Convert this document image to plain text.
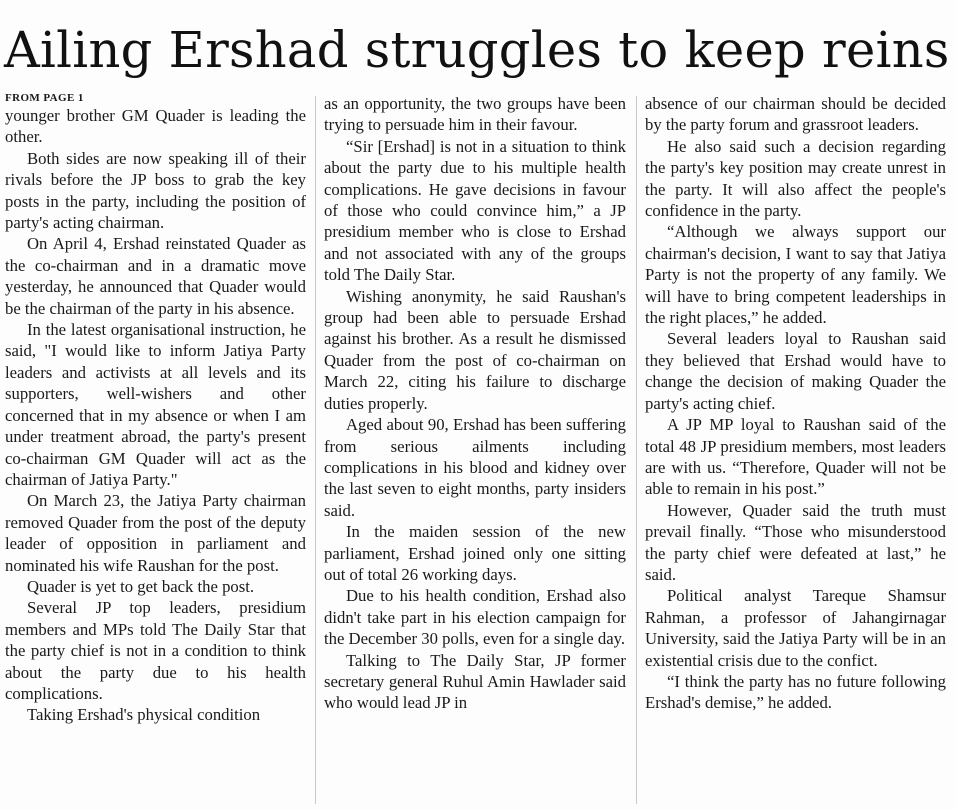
Ailing Ershad struggles to keep reins
FROM PAGE 1

younger brother GM Quader is leading the other.

Both sides are now speaking ill of their rivals before the JP boss to grab the key posts in the party, including the position of party's acting chairman.

On April 4, Ershad reinstated Quader as the co-chairman and in a dramatic move yesterday, he announced that Quader would be the chairman of the party in his absence.

In the latest organisational instruction, he said, "I would like to inform Jatiya Party leaders and activists at all levels and its supporters, well-wishers and other concerned that in my absence or when I am under treatment abroad, the party's present co-chairman GM Quader will act as the chairman of Jatiya Party."

On March 23, the Jatiya Party chairman removed Quader from the post of the deputy leader of opposition in parliament and nominated his wife Raushan for the post.

Quader is yet to get back the post.

Several JP top leaders, presidium members and MPs told The Daily Star that the party chief is not in a condition to think about the party due to his health complications.

Taking Ershad's physical condition

as an opportunity, the two groups have been trying to persuade him in their favour.

“Sir [Ershad] is not in a situation to think about the party due to his multiple health complications. He gave decisions in favour of those who could convince him,” a JP presidium member who is close to Ershad and not associated with any of the groups told The Daily Star.

Wishing anonymity, he said Raushan's group had been able to persuade Ershad against his brother. As a result he dismissed Quader from the post of co-chairman on March 22, citing his failure to discharge duties properly.

Aged about 90, Ershad has been suffering from serious ailments including complications in his blood and kidney over the last seven to eight months, party insiders said.

In the maiden session of the new parliament, Ershad joined only one sitting out of total 26 working days.

Due to his health condition, Ershad also didn't take part in his election campaign for the December 30 polls, even for a single day.

Talking to The Daily Star, JP former secretary general Ruhul Amin Hawlader said who would lead JP in

absence of our chairman should be decided by the party forum and grassroot leaders.

He also said such a decision regarding the party's key position may create unrest in the party. It will also affect the people's confidence in the party.

“Although we always support our chairman's decision, I want to say that Jatiya Party is not the property of any family. We will have to bring competent leaderships in the right places,” he added.

Several leaders loyal to Raushan said they believed that Ershad would have to change the decision of making Quader the party's acting chief.

A JP MP loyal to Raushan said of the total 48 JP presidium members, most leaders are with us. “Therefore, Quader will not be able to remain in his post.”

However, Quader said the truth must prevail finally. “Those who misunderstood the party chief were defeated at last,” he said.

Political analyst Tareque Shamsur Rahman, a professor of Jahangirnagar University, said the Jatiya Party will be in an existential crisis due to the confict.

“I think the party has no future following Ershad's demise,” he added.
